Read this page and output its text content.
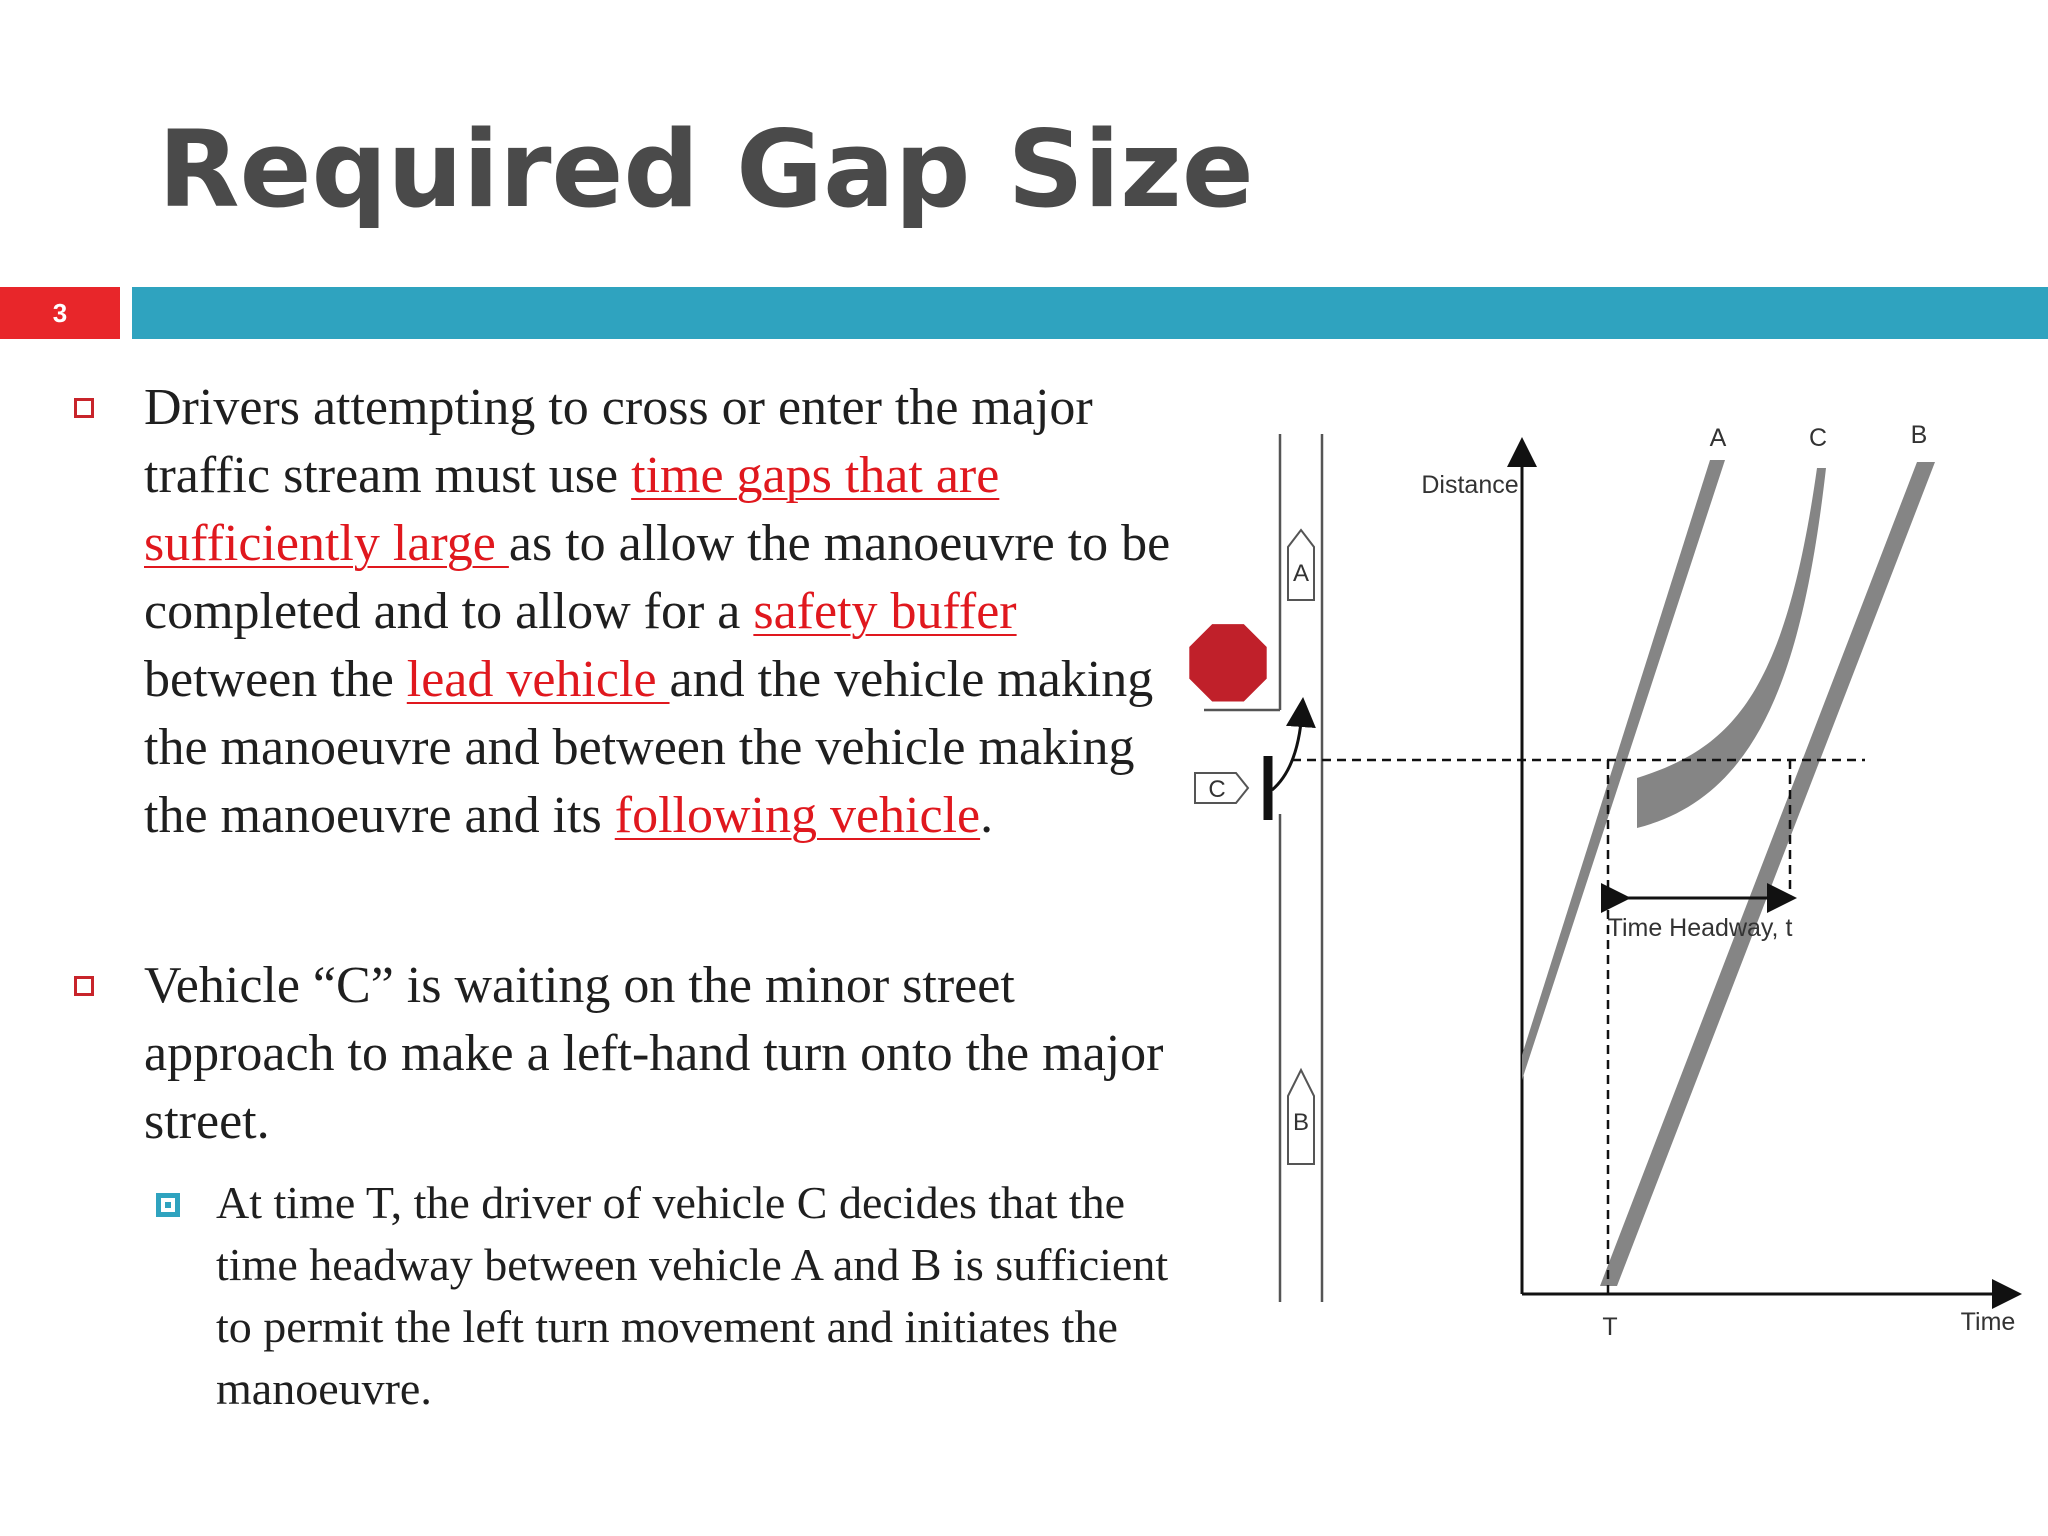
Required Gap Size
3
Drivers attempting to cross or enter the major traffic stream must use time gaps that are sufficiently large as to allow the manoeuvre to be completed and to allow for a safety buffer between the lead vehicle and the vehicle making the manoeuvre and between the vehicle making the manoeuvre and its following vehicle.
Vehicle “C” is waiting on the minor street approach to make a left-hand turn onto the major street.
At time T, the driver of vehicle C decides that the time headway between vehicle A and B is sufficient to permit the left turn movement and initiates the manoeuvre.
A
B
C
STOP
Distance
Time
T
Time Headway, t
A	C	B
